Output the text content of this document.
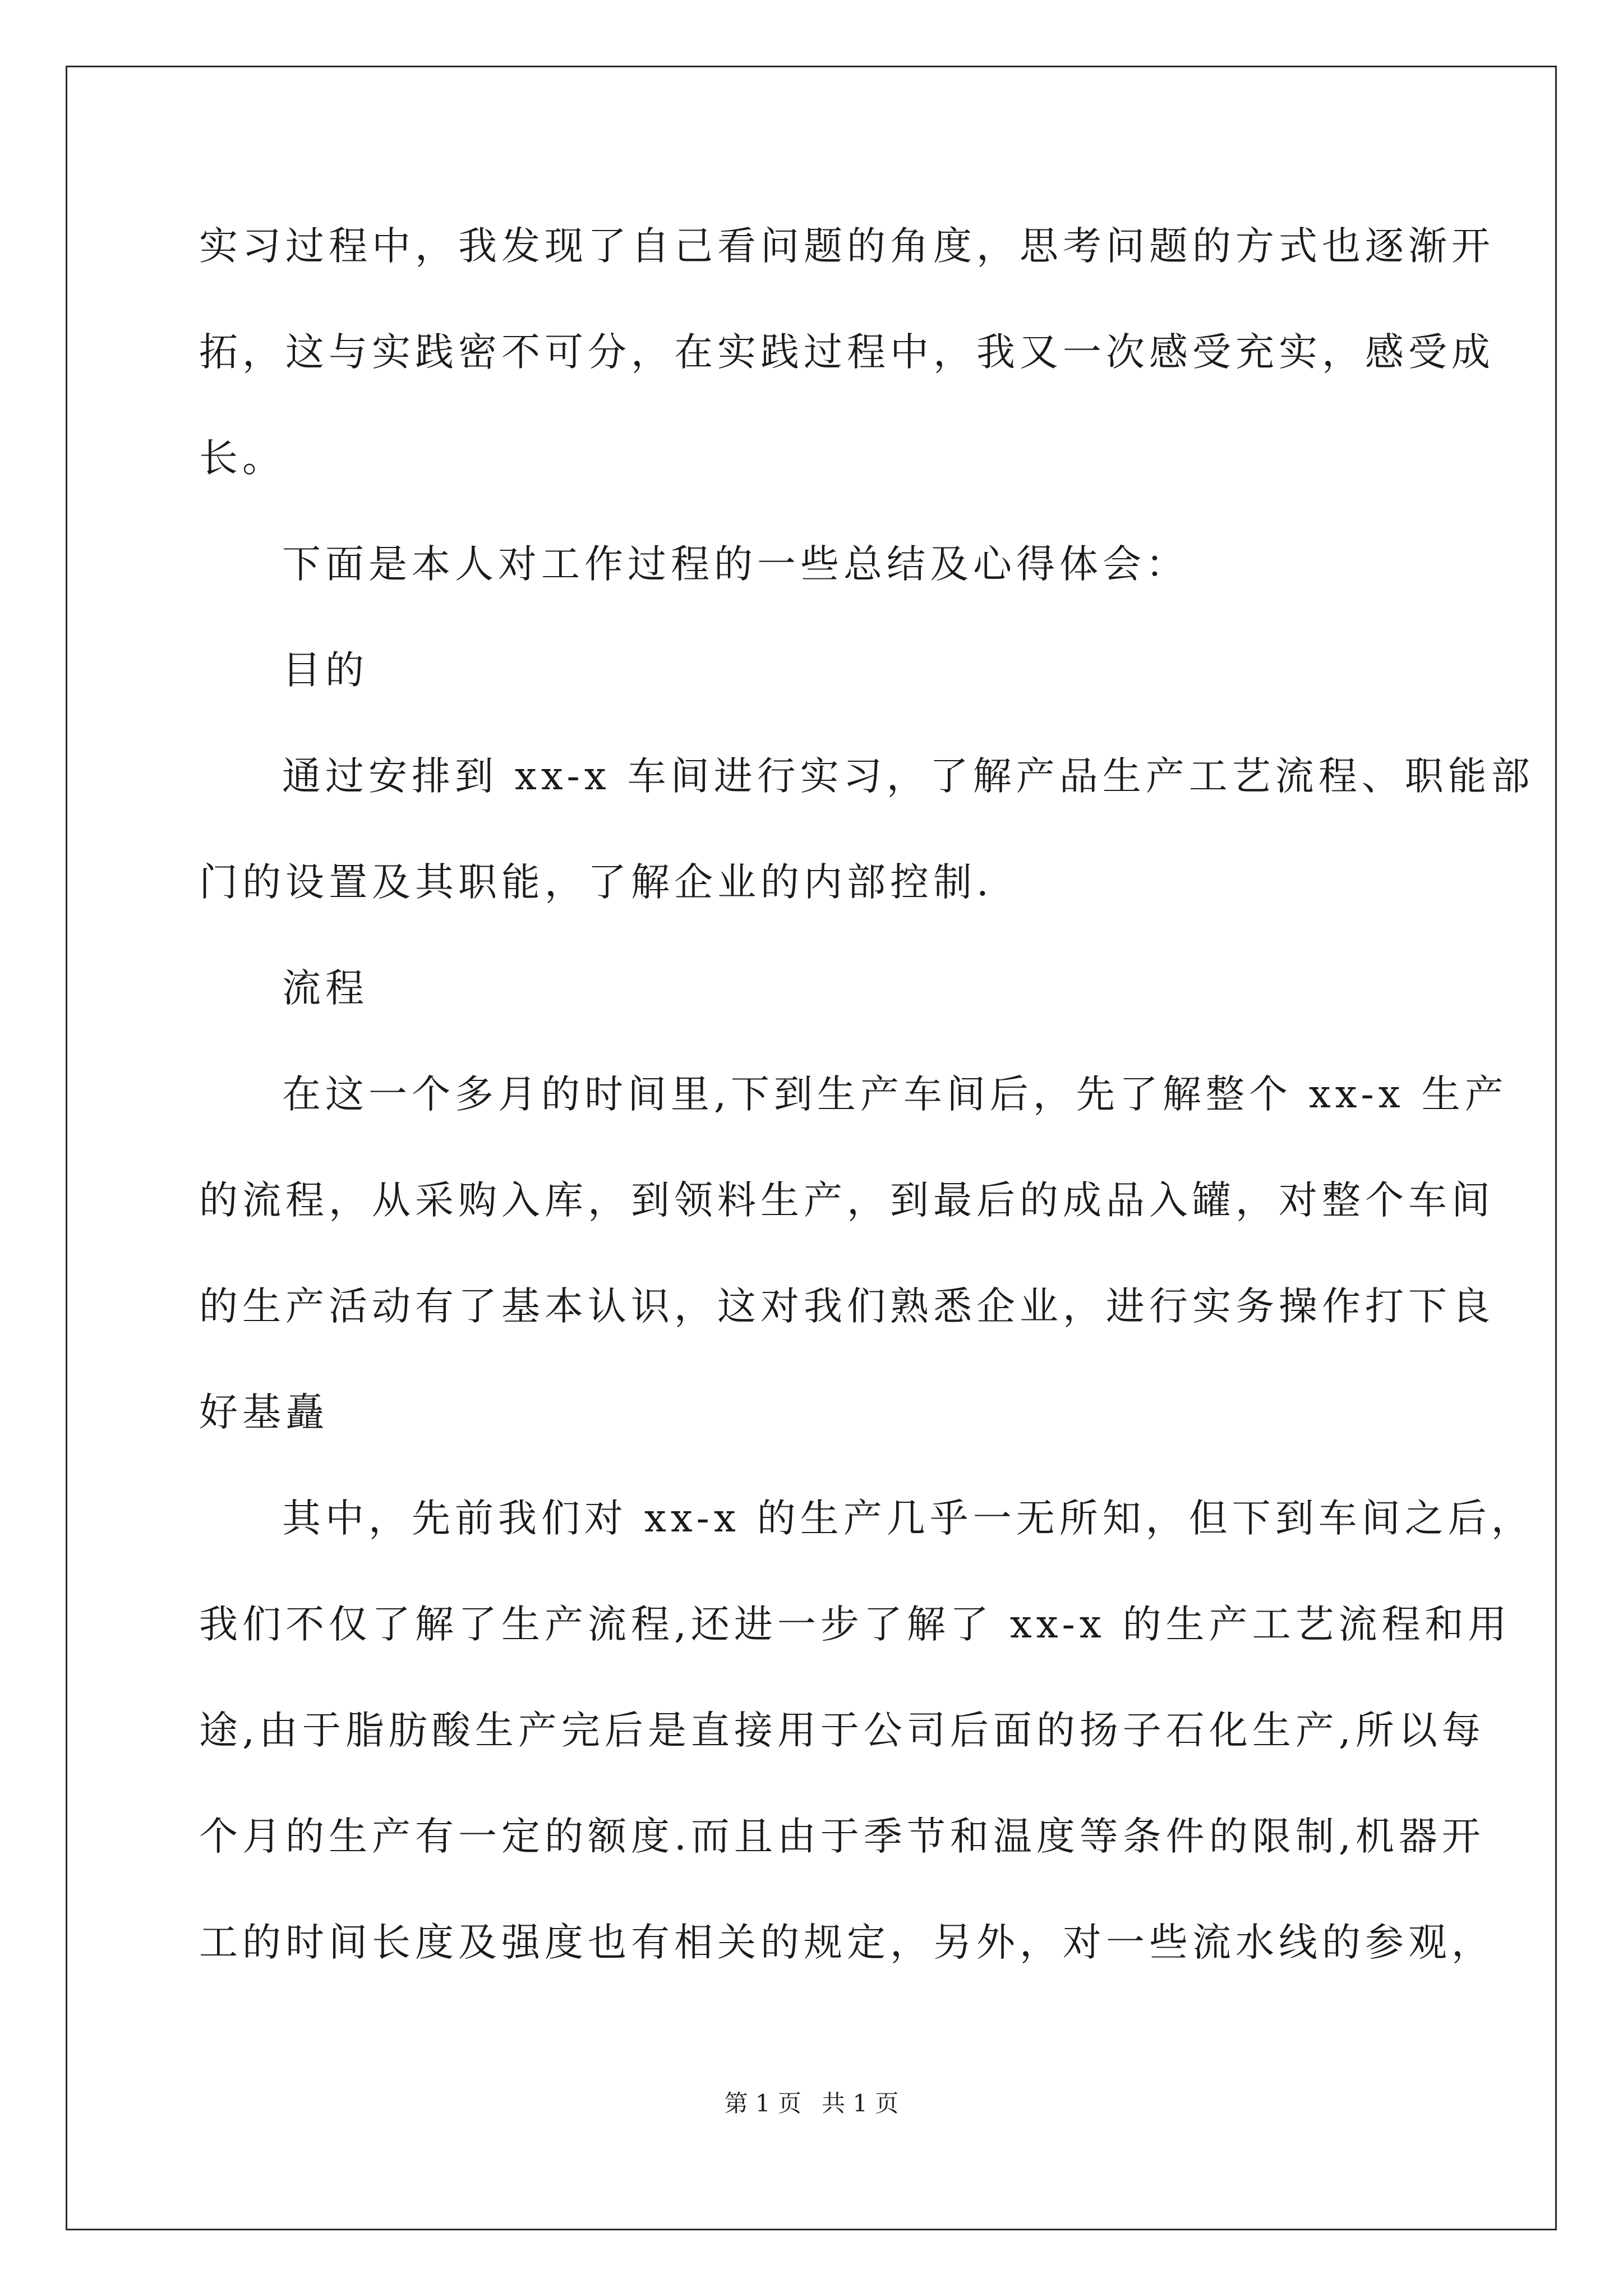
实习过程中，我发现了自己看问题的角度，思考问题的方式也逐渐开

拓，这与实践密不可分，在实践过程中，我又一次感受充实，感受成

长。

下面是本人对工作过程的一些总结及心得体会：

目的

通过安排到 xx-x 车间进行实习，了解产品生产工艺流程、职能部

门的设置及其职能，了解企业的内部控制.

流程

在这一个多月的时间里,下到生产车间后，先了解整个 xx-x 生产

的流程，从采购入库，到领料生产，到最后的成品入罐，对整个车间

的生产活动有了基本认识，这对我们熟悉企业，进行实务操作打下良

好基矗

其中，先前我们对 xx-x 的生产几乎一无所知，但下到车间之后，

我们不仅了解了生产流程,还进一步了解了 xx-x 的生产工艺流程和用

途,由于脂肪酸生产完后是直接用于公司后面的扬子石化生产,所以每

个月的生产有一定的额度.而且由于季节和温度等条件的限制,机器开

工的时间长度及强度也有相关的规定，另外，对一些流水线的参观，

第 1 页 共 1 页
